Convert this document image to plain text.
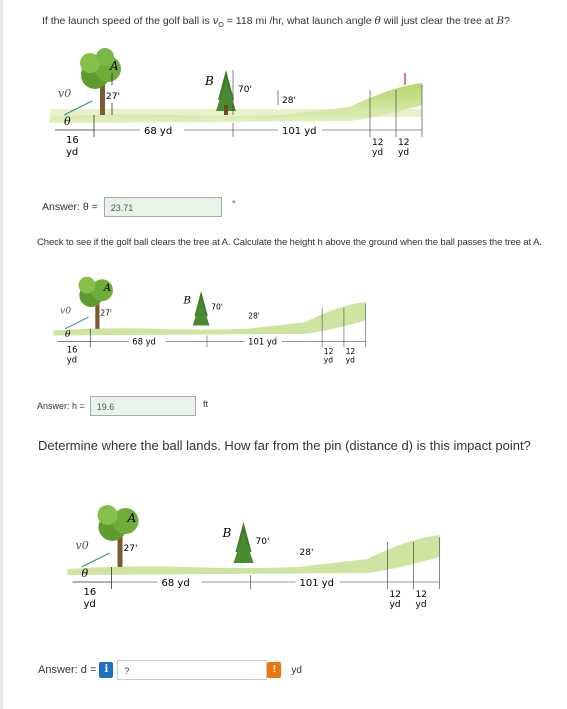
If the launch speed of the golf ball is $v_O = 118$ mi /hr, what launch angle θ will just clear the tree at B?
A
27'
v0
θ
16
yd
B
70'
28'
68 yd	101 yd
12
yd
12
yd
Answer: θ =	23.71	°
Check to see if the golf ball clears the tree at A. Calculate the height h above the ground when the ball passes the tree at A.
A
27'
v0
θ
16
yd
B
70'
28'
68 yd	101 yd
12
yd
12
yd
Answer: h =	19.6	ft
Determine where the ball lands. How far from the pin (distance d) is this impact point?
A
27'
v0
θ
16
yd
B
70'
28'
68 yd	101 yd
12
yd
12
yd
Answer: d = i	?	!	yd
